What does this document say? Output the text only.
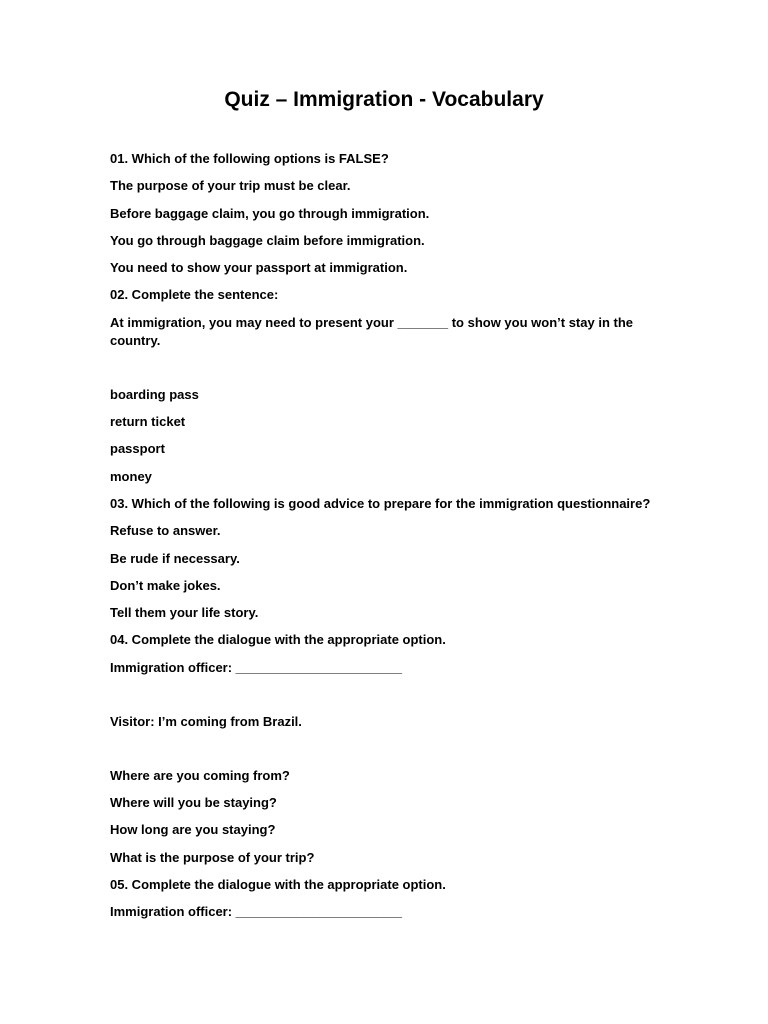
Quiz – Immigration - Vocabulary
01. Which of the following options is FALSE?
The purpose of your trip must be clear.
Before baggage claim, you go through immigration.
You go through baggage claim before immigration.
You need to show your passport at immigration.
02. Complete the sentence:
At immigration, you may need to present your _______ to show you won’t stay in the country.
boarding pass
return ticket
passport
money
03. Which of the following is good advice to prepare for the immigration questionnaire?
Refuse to answer.
Be rude if necessary.
Don’t make jokes.
Tell them your life story.
04. Complete the dialogue with the appropriate option.
Immigration officer: _______________________
Visitor: I’m coming from Brazil.
Where are you coming from?
Where will you be staying?
How long are you staying?
What is the purpose of your trip?
05. Complete the dialogue with the appropriate option.
Immigration officer: _______________________
